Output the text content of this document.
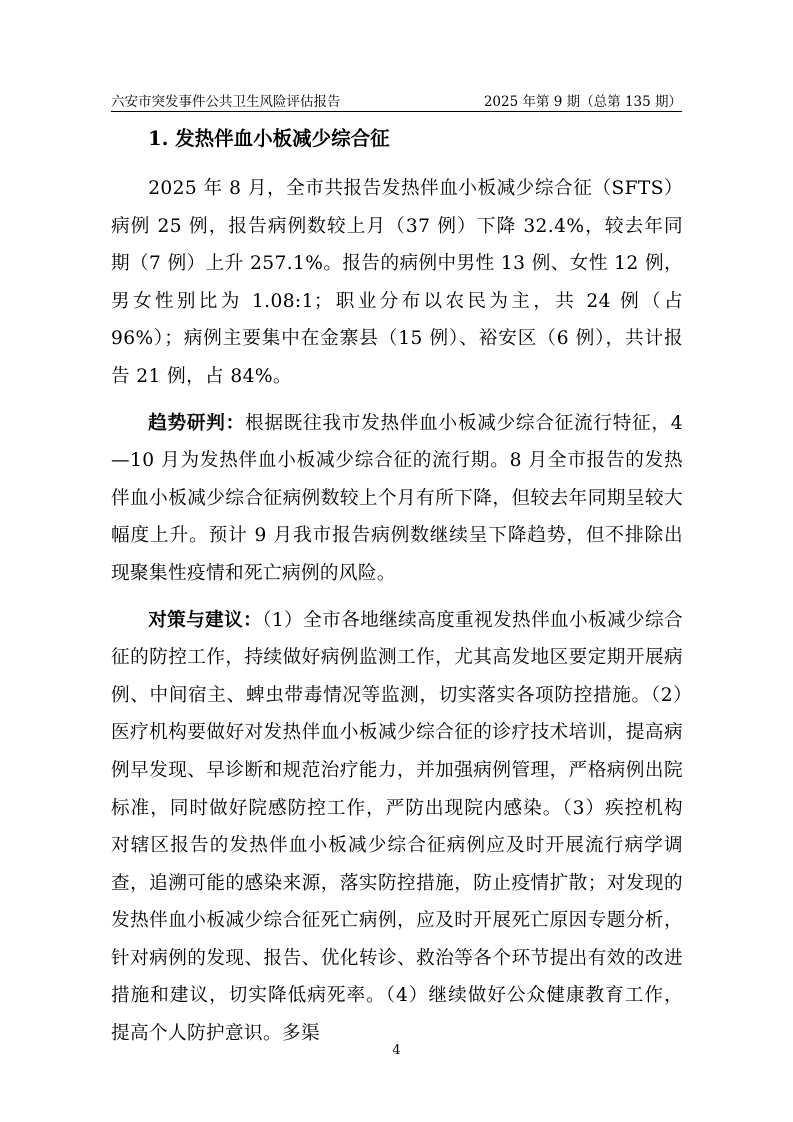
六安市突发事件公共卫生风险评估报告	2025 年第 9 期（总第 135 期）
1. 发热伴血小板减少综合征

2025 年 8 月，全市共报告发热伴血小板减少综合征（SFTS）病例 25 例，报告病例数较上月（37 例）下降 32.4%，较去年同期（7 例）上升 257.1%。报告的病例中男性 13 例、女性 12 例，男女性别比为 1.08:1；职业分布以农民为主，共 24 例（占 96%）；病例主要集中在金寨县（15 例）、裕安区（6 例），共计报告 21 例，占 84%。

趋势研判：根据既往我市发热伴血小板减少综合征流行特征，4—10 月为发热伴血小板减少综合征的流行期。8 月全市报告的发热伴血小板减少综合征病例数较上个月有所下降，但较去年同期呈较大幅度上升。预计 9 月我市报告病例数继续呈下降趋势，但不排除出现聚集性疫情和死亡病例的风险。

对策与建议：（1）全市各地继续高度重视发热伴血小板减少综合征的防控工作，持续做好病例监测工作，尤其高发地区要定期开展病例、中间宿主、蜱虫带毒情况等监测，切实落实各项防控措施。（2）医疗机构要做好对发热伴血小板减少综合征的诊疗技术培训，提高病例早发现、早诊断和规范治疗能力，并加强病例管理，严格病例出院标准，同时做好院感防控工作，严防出现院内感染。（3）疾控机构对辖区报告的发热伴血小板减少综合征病例应及时开展流行病学调查，追溯可能的感染来源，落实防控措施，防止疫情扩散；对发现的发热伴血小板减少综合征死亡病例，应及时开展死亡原因专题分析，针对病例的发现、报告、优化转诊、救治等各个环节提出有效的改进措施和建议，切实降低病死率。（4）继续做好公众健康教育工作，提高个人防护意识。多渠

4
